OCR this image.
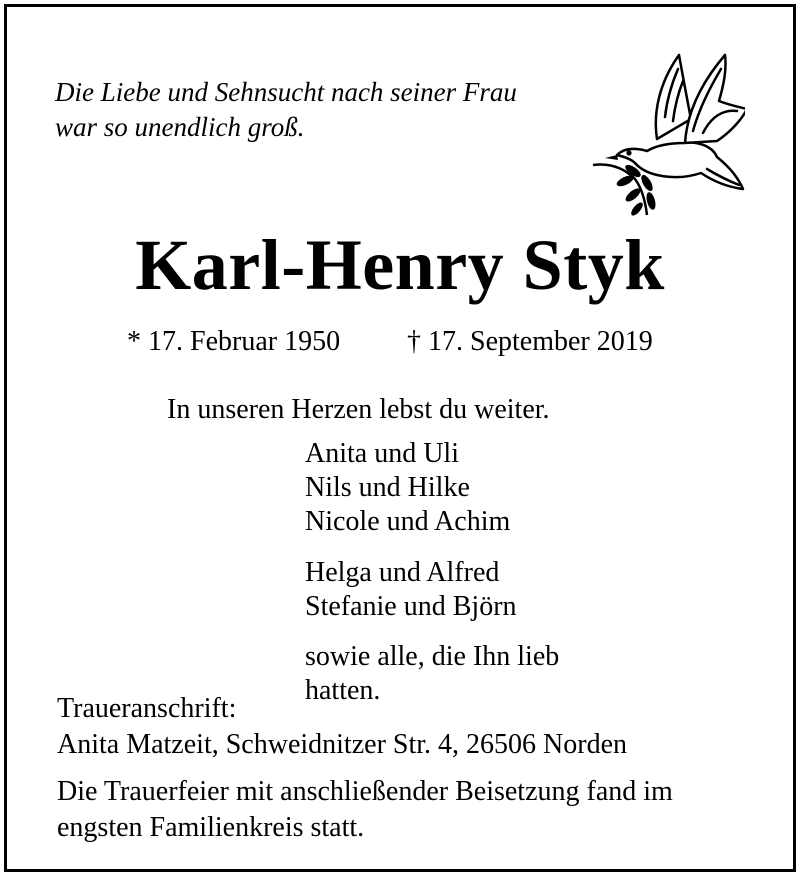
Die Liebe und Sehnsucht nach seiner Frau
war so unendlich groß.
Karl-Henry Styk
* 17. Februar 1950 † 17. September 2019
In unseren Herzen lebst du weiter.
Anita und Uli
Nils und Hilke
Nicole und Achim
Helga und Alfred
Stefanie und Björn
sowie alle, die Ihn lieb
hatten.
Traueranschrift:
Anita Matzeit, Schweidnitzer Str. 4, 26506 Norden
Die Trauerfeier mit anschließender Beisetzung fand im
engsten Familienkreis statt.
